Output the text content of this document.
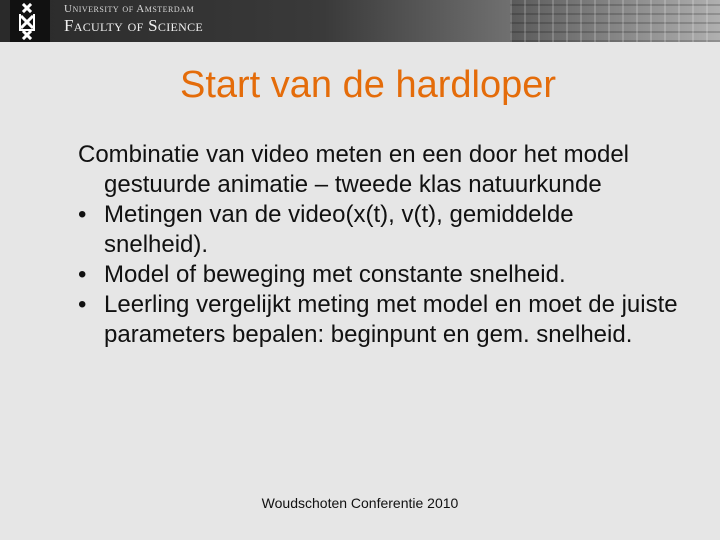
University of Amsterdam
Faculty of Science
Start van de hardloper

Combinatie van video meten en een door het model gestuurde animatie – tweede klas natuurkunde

• Metingen van de video(x(t), v(t), gemiddelde snelheid).
• Model of beweging met constante snelheid.
• Leerling vergelijkt meting met model en moet de juiste parameters bepalen: beginpunt en gem. snelheid.
Woudschoten Conferentie 2010
